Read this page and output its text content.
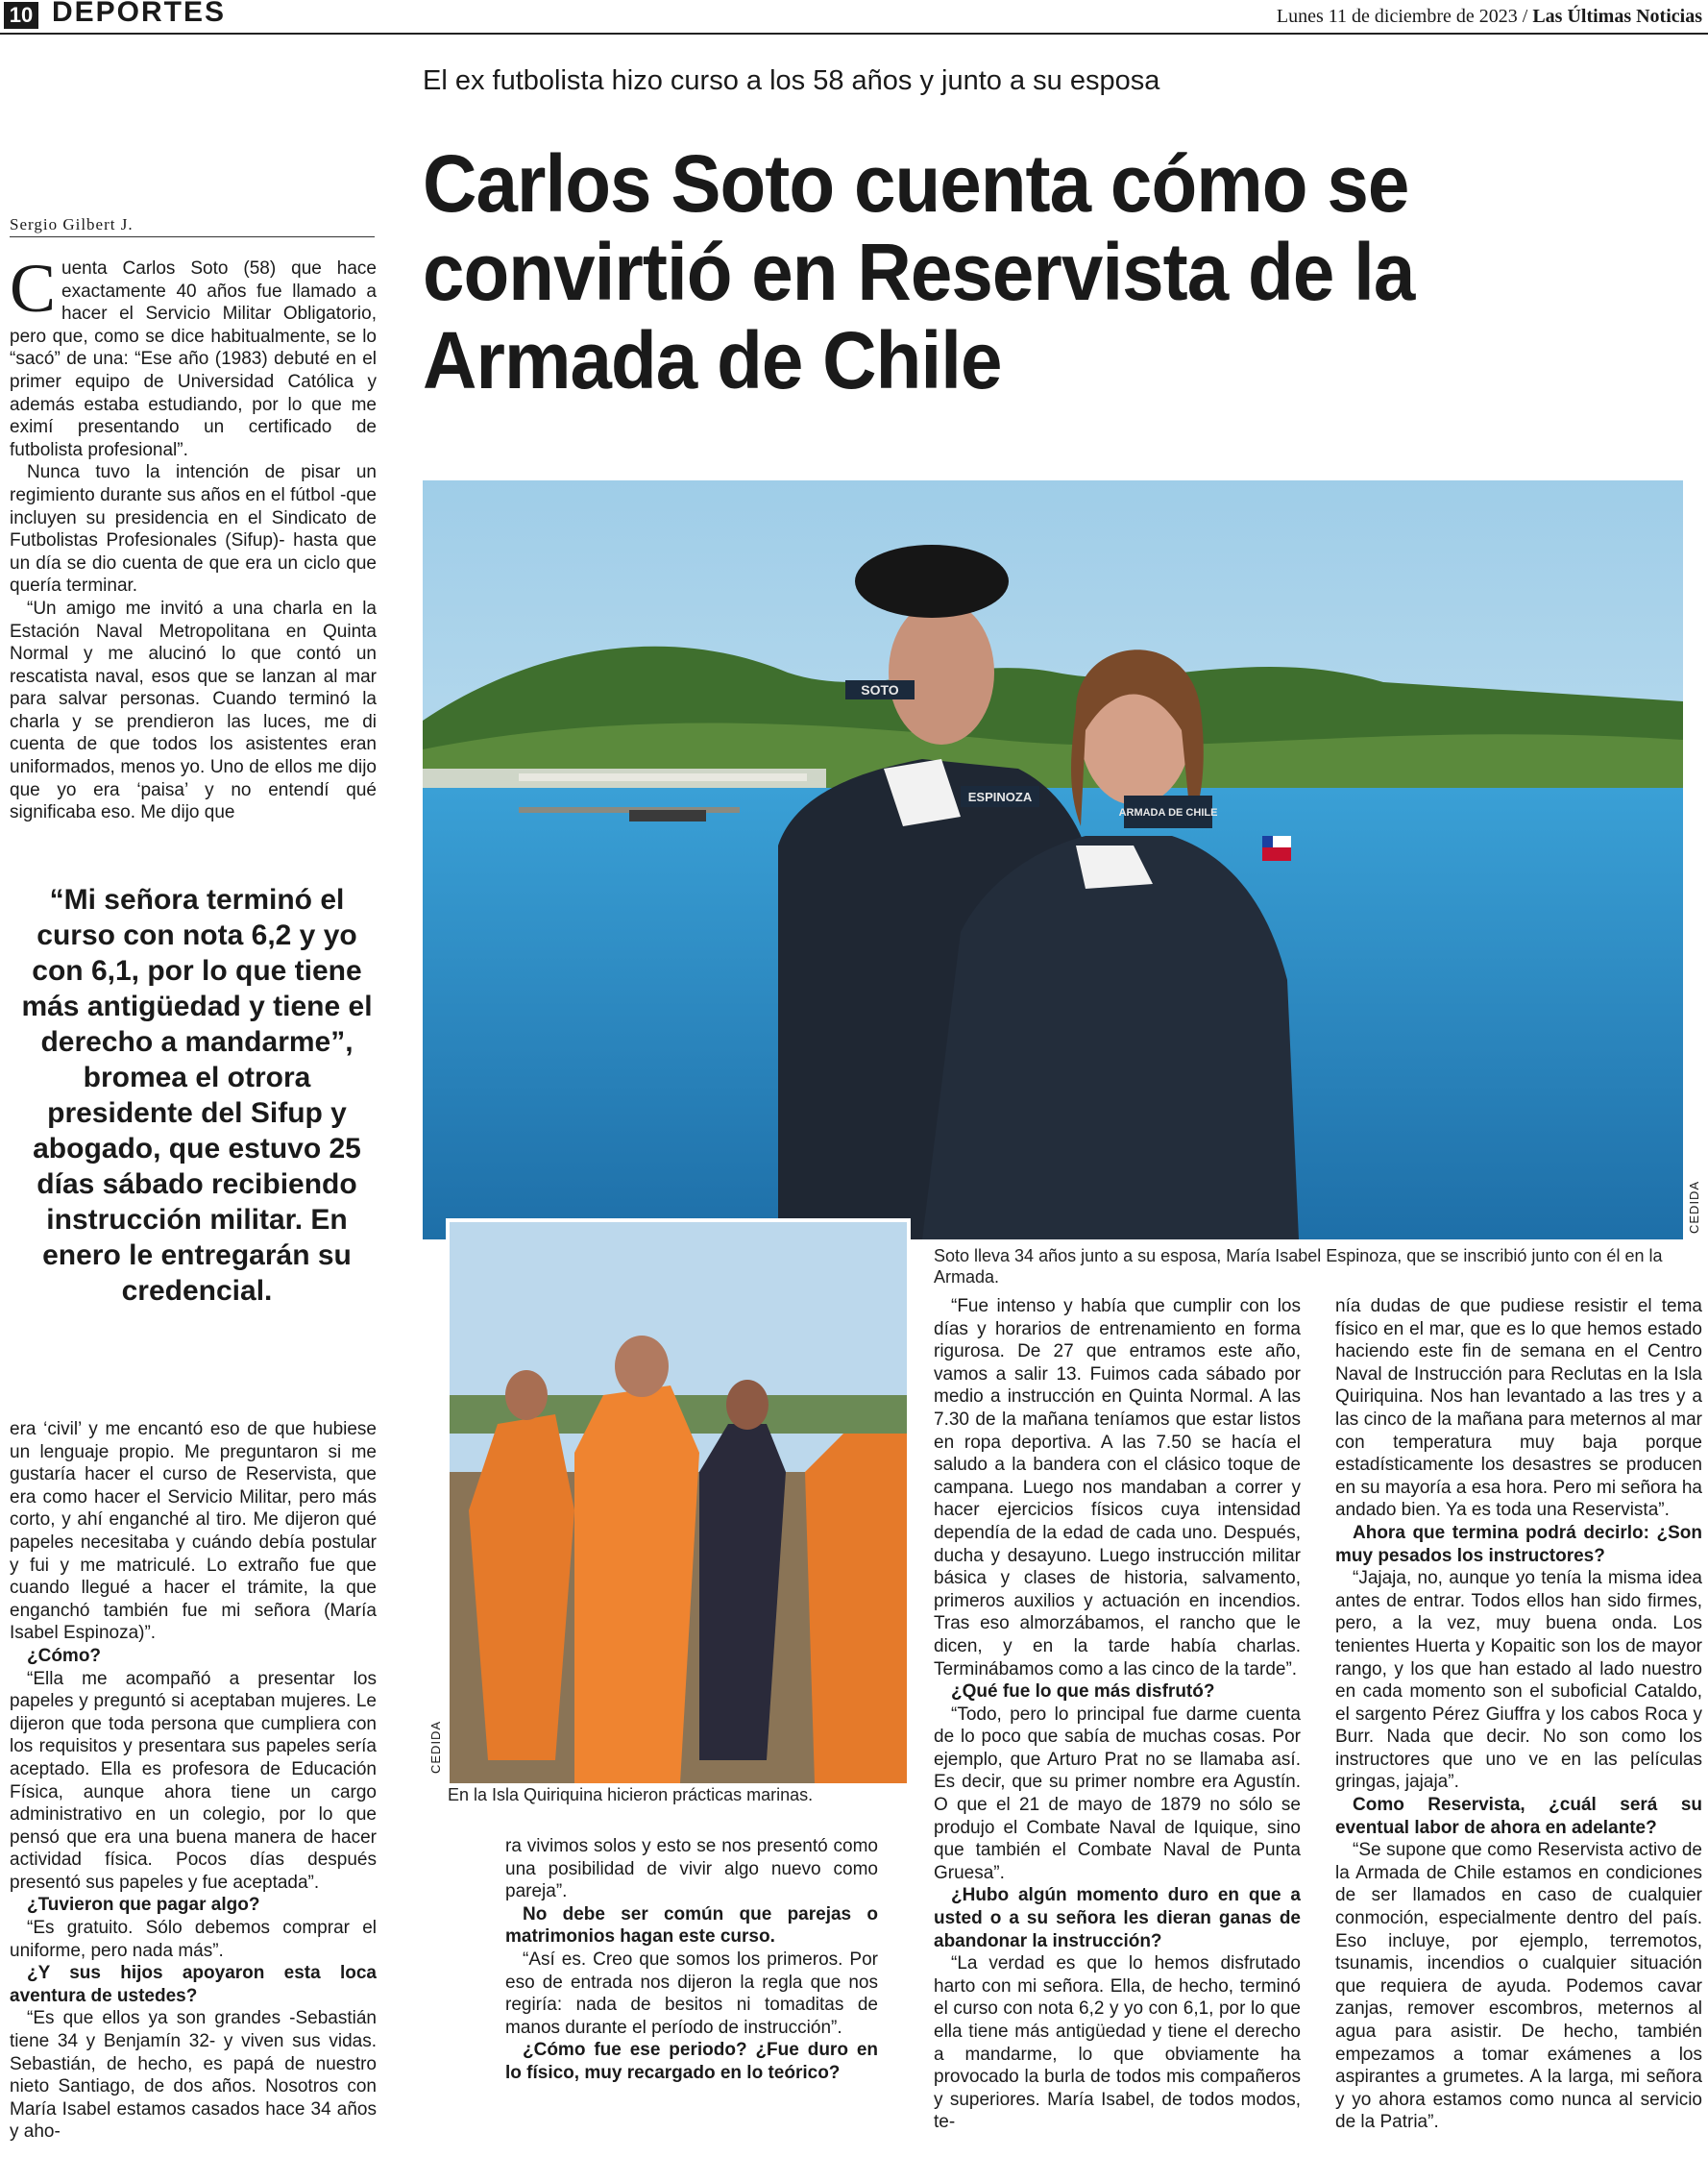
10 DEPORTES	Lunes 11 de diciembre de 2023 / Las Últimas Noticias
El ex futbolista hizo curso a los 58 años y junto a su esposa
Carlos Soto cuenta cómo se convirtió en Reservista de la Armada de Chile
Sergio Gilbert J.

Cuenta Carlos Soto (58) que hace exactamente 40 años fue llamado a hacer el Servicio Militar Obligatorio, pero que, como se dice habitualmente, se lo “sacó” de una: “Ese año (1983) debuté en el primer equipo de Universidad Católica y además estaba estudiando, por lo que me eximí presentando un certificado de futbolista profesional”.

Nunca tuvo la intención de pisar un regimiento durante sus años en el fútbol -que incluyen su presidencia en el Sindicato de Futbolistas Profesionales (Sifup)- hasta que un día se dio cuenta de que era un ciclo que quería terminar.

“Un amigo me invitó a una charla en la Estación Naval Metropolitana en Quinta Normal y me alucinó lo que contó un rescatista naval, esos que se lanzan al mar para salvar personas. Cuando terminó la charla y se prendieron las luces, me di cuenta de que todos los asistentes eran uniformados, menos yo. Uno de ellos me dijo que yo era ‘paisa’ y no entendí qué significaba eso. Me dijo que

“Mi señora terminó el curso con nota 6,2 y yo con 6,1, por lo que tiene más antigüedad y tiene el derecho a mandarme”, bromea el otrora presidente del Sifup y abogado, que estuvo 25 días sábado recibiendo instrucción militar. En enero le entregarán su credencial.

era ‘civil’ y me encantó eso de que hubiese un lenguaje propio. Me preguntaron si me gustaría hacer el curso de Reservista, que era como hacer el Servicio Militar, pero más corto, y ahí enganché al tiro. Me dijeron qué papeles necesitaba y cuándo debía postular y fui y me matriculé. Lo extraño fue que cuando llegué a hacer el trámite, la que enganchó también fue mi señora (María Isabel Espinoza)”.

¿Cómo?

“Ella me acompañó a presentar los papeles y preguntó si aceptaban mujeres. Le dijeron que toda persona que cumpliera con los requisitos y presentara sus papeles sería aceptado. Ella es profesora de Educación Física, aunque ahora tiene un cargo administrativo en un colegio, por lo que pensó que era una buena manera de hacer actividad física. Pocos días después presentó sus papeles y fue aceptada”.

¿Tuvieron que pagar algo?

“Es gratuito. Sólo debemos comprar el uniforme, pero nada más”.

¿Y sus hijos apoyaron esta loca aventura de ustedes?

“Es que ellos ya son grandes -Sebastián tiene 34 y Benjamín 32- y viven sus vidas. Sebastián, de hecho, es papá de nuestro nieto Santiago, de dos años. Nosotros con María Isabel estamos casados hace 34 años y aho-

SOTO
ESPINOZA
ARMADA DE CHILE
CEDIDA
Soto lleva 34 años junto a su esposa, María Isabel Espinoza, que se inscribió junto con él en la Armada.
CEDIDA
En la Isla Quiriquina hicieron prácticas marinas.

ra vivimos solos y esto se nos presentó como una posibilidad de vivir algo nuevo como pareja”.

No debe ser común que parejas o matrimonios hagan este curso.

“Así es. Creo que somos los primeros. Por eso de entrada nos dijeron la regla que nos regiría: nada de besitos ni tomaditas de manos durante el período de instrucción”.

¿Cómo fue ese periodo? ¿Fue duro en lo físico, muy recargado en lo teórico?

“Fue intenso y había que cumplir con los días y horarios de entrenamiento en forma rigurosa. De 27 que entramos este año, vamos a salir 13. Fuimos cada sábado por medio a instrucción en Quinta Normal. A las 7.30 de la mañana teníamos que estar listos en ropa deportiva. A las 7.50 se hacía el saludo a la bandera con el clásico toque de campana. Luego nos mandaban a correr y hacer ejercicios físicos cuya intensidad dependía de la edad de cada uno. Después, ducha y desayuno. Luego instrucción militar básica y clases de historia, salvamento, primeros auxilios y actuación en incendios. Tras eso almorzábamos, el rancho que le dicen, y en la tarde había charlas. Terminábamos como a las cinco de la tarde”.

¿Qué fue lo que más disfrutó?

“Todo, pero lo principal fue darme cuenta de lo poco que sabía de muchas cosas. Por ejemplo, que Arturo Prat no se llamaba así. Es decir, que su primer nombre era Agustín. O que el 21 de mayo de 1879 no sólo se produjo el Combate Naval de Iquique, sino que también el Combate Naval de Punta Gruesa”.

¿Hubo algún momento duro en que a usted o a su señora les dieran ganas de abandonar la instrucción?

“La verdad es que lo hemos disfrutado harto con mi señora. Ella, de hecho, terminó el curso con nota 6,2 y yo con 6,1, por lo que ella tiene más antigüedad y tiene el derecho a mandarme, lo que obviamente ha provocado la burla de todos mis compañeros y superiores. María Isabel, de todos modos, te-

nía dudas de que pudiese resistir el tema físico en el mar, que es lo que hemos estado haciendo este fin de semana en el Centro Naval de Instrucción para Reclutas en la Isla Quiriquina. Nos han levantado a las tres y a las cinco de la mañana para meternos al mar con temperatura muy baja porque estadísticamente los desastres se producen en su mayoría a esa hora. Pero mi señora ha andado bien. Ya es toda una Reservista”.

Ahora que termina podrá decirlo: ¿Son muy pesados los instructores?

“Jajaja, no, aunque yo tenía la misma idea antes de entrar. Todos ellos han sido firmes, pero, a la vez, muy buena onda. Los tenientes Huerta y Kopaitic son los de mayor rango, y los que han estado al lado nuestro en cada momento son el suboficial Cataldo, el sargento Pérez Giuffra y los cabos Roca y Burr. Nada que decir. No son como los instructores que uno ve en las películas gringas, jajaja”.

Como Reservista, ¿cuál será su eventual labor de ahora en adelante?

“Se supone que como Reservista activo de la Armada de Chile estamos en condiciones de ser llamados en caso de cualquier conmoción, especialmente dentro del país. Eso incluye, por ejemplo, terremotos, tsunamis, incendios o cualquier situación que requiera de ayuda. Podemos cavar zanjas, remover escombros, meternos al agua para asistir. De hecho, también empezamos a tomar exámenes a los aspirantes a grumetes. A la larga, mi señora y yo ahora estamos como nunca al servicio de la Patria”.
